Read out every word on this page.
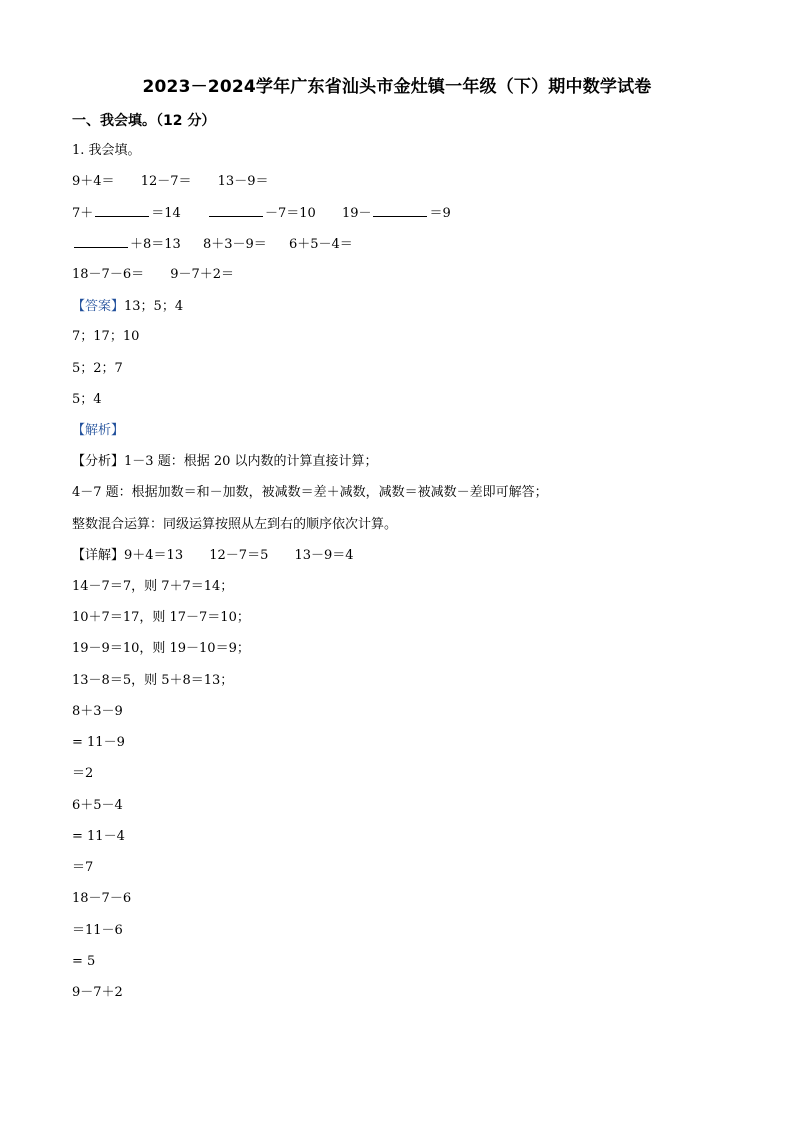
2023－2024学年广东省汕头市金灶镇一年级（下）期中数学试卷
一、我会填。（12 分）
1. 我会填。
9＋4＝ 12－7＝ 13－9＝
7＋	＝14	－7＝10 19－	＝9
＋8＝13 8＋3－9＝ 6＋5－4＝
18－7－6＝ 9－7＋2＝
【答案】13；5；4
7；17；10
5；2；7
5；4
【解析】
【分析】1－3 题：根据 20 以内数的计算直接计算；
4－7 题：根据加数＝和－加数，被减数＝差＋减数，减数＝被减数－差即可解答；
整数混合运算：同级运算按照从左到右的顺序依次计算。
【详解】9＋4＝13 12－7＝5 13－9＝4
14－7＝7，则 7＋7＝14；
10＋7＝17，则 17－7＝10；
19－9＝10，则 19－10＝9；
13－8＝5，则 5＋8＝13；
8＋3－9
= 11－9
＝2
6＋5－4
= 11－4
＝7
18－7－6
＝11－6
= 5
9－7＋2
